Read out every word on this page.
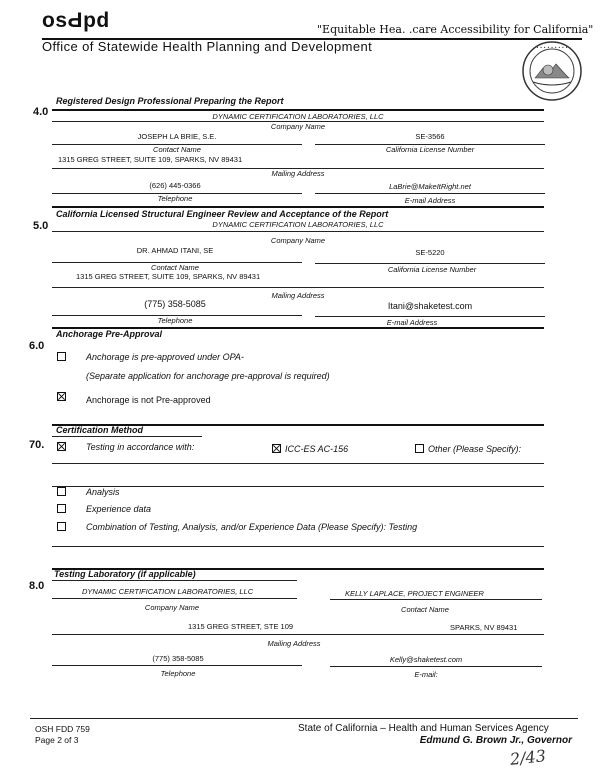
osԀpd	"Equitable Hea. .care Accessibility for California"
Office of Statewide Health Planning and Development	• • • • • • • • •
4.0
Registered Design Professional Preparing the Report
DYNAMIC CERTIFICATION LABORATORIES, LLC
Company Name
JOSEPH LA BRIE, S.E.	SE-3566
Contact Name	California License Number
1315 GREG STREET, SUITE 109, SPARKS, NV 89431
Mailing Address
(626) 445-0366	LaBrie@MakeItRight.net
Telephone	E-mail Address
5.0
California Licensed Structural Engineer Review and Acceptance of the Report
DYNAMIC CERTIFICATION LABORATORIES, LLC
Company Name
DR. AHMAD ITANI, SE	SE-5220
Contact Name	California License Number
1315 GREG STREET, SUITE 109, SPARKS, NV 89431
Mailing Address
(775) 358-5085	Itani@shaketest.com
Telephone	E-mail Address
Anchorage Pre-Approval
6.0
Anchorage is pre-approved under OPA-
(Separate application for anchorage pre-approval is required)
Anchorage is not Pre-approved
Certification Method
70.	Testing in accordance with:	ICC-ES AC-156	Other (Please Specify):
Analysis
Experience data
Combination of Testing, Analysis, and/or Experience Data (Please Specify): Testing
Testing Laboratory (if applicable)
8.0	DYNAMIC CERTIFICATION LABORATORIES, LLC	KELLY LAPLACE, PROJECT ENGINEER
Company Name	Contact Name
1315 GREG STREET, STE 109	SPARKS, NV 89431
Mailing Address
(775) 358-5085	Kelly@shaketest.com
Telephone	E-mail:
OSH FDD 759
Page 2 of 3
State of California – Health and Human Services Agency
Edmund G. Brown Jr., Governor
2/43
